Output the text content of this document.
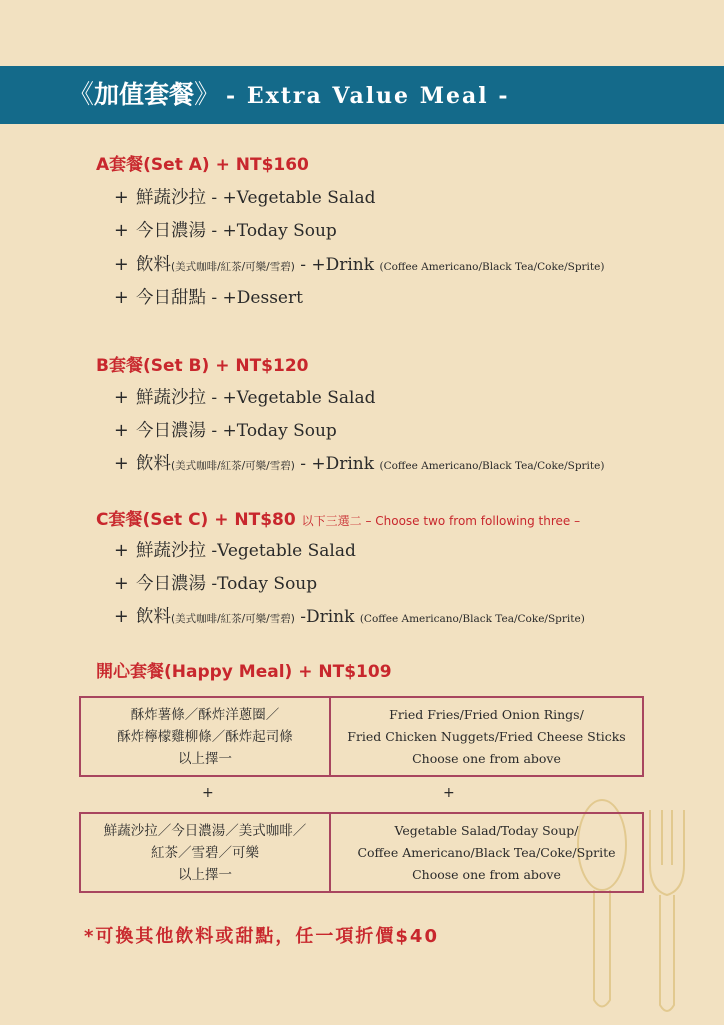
《加值套餐》 - Extra Value Meal -
A套餐(Set A) + NT$160
+ 鮮蔬沙拉 - +Vegetable Salad
+ 今日濃湯 - +Today Soup
+ 飲料(美式咖啡/紅茶/可樂/雪碧) - +Drink (Coffee Americano/Black Tea/Coke/Sprite)
+ 今日甜點 - +Dessert
B套餐(Set B) + NT$120
+ 鮮蔬沙拉 - +Vegetable Salad
+ 今日濃湯 - +Today Soup
+ 飲料(美式咖啡/紅茶/可樂/雪碧) - +Drink (Coffee Americano/Black Tea/Coke/Sprite)
C套餐(Set C) + NT$80 以下三選二 – Choose two from following three –
+ 鮮蔬沙拉 -Vegetable Salad
+ 今日濃湯 -Today Soup
+ 飲料(美式咖啡/紅茶/可樂/雪碧) -Drink (Coffee Americano/Black Tea/Coke/Sprite)
開心套餐(Happy Meal) + NT$109
酥炸薯條／酥炸洋蔥圈／
酥炸檸檬雞柳條／酥炸起司條
以上擇一
Fried Fries/Fried Onion Rings/
Fried Chicken Nuggets/Fried Cheese Sticks
Choose one from above
+	+
鮮蔬沙拉／今日濃湯／美式咖啡／
紅茶／雪碧／可樂
以上擇一
Vegetable Salad/Today Soup/
Coffee Americano/Black Tea/Coke/Sprite
Choose one from above
*可換其他飲料或甜點，任一項折價$40
